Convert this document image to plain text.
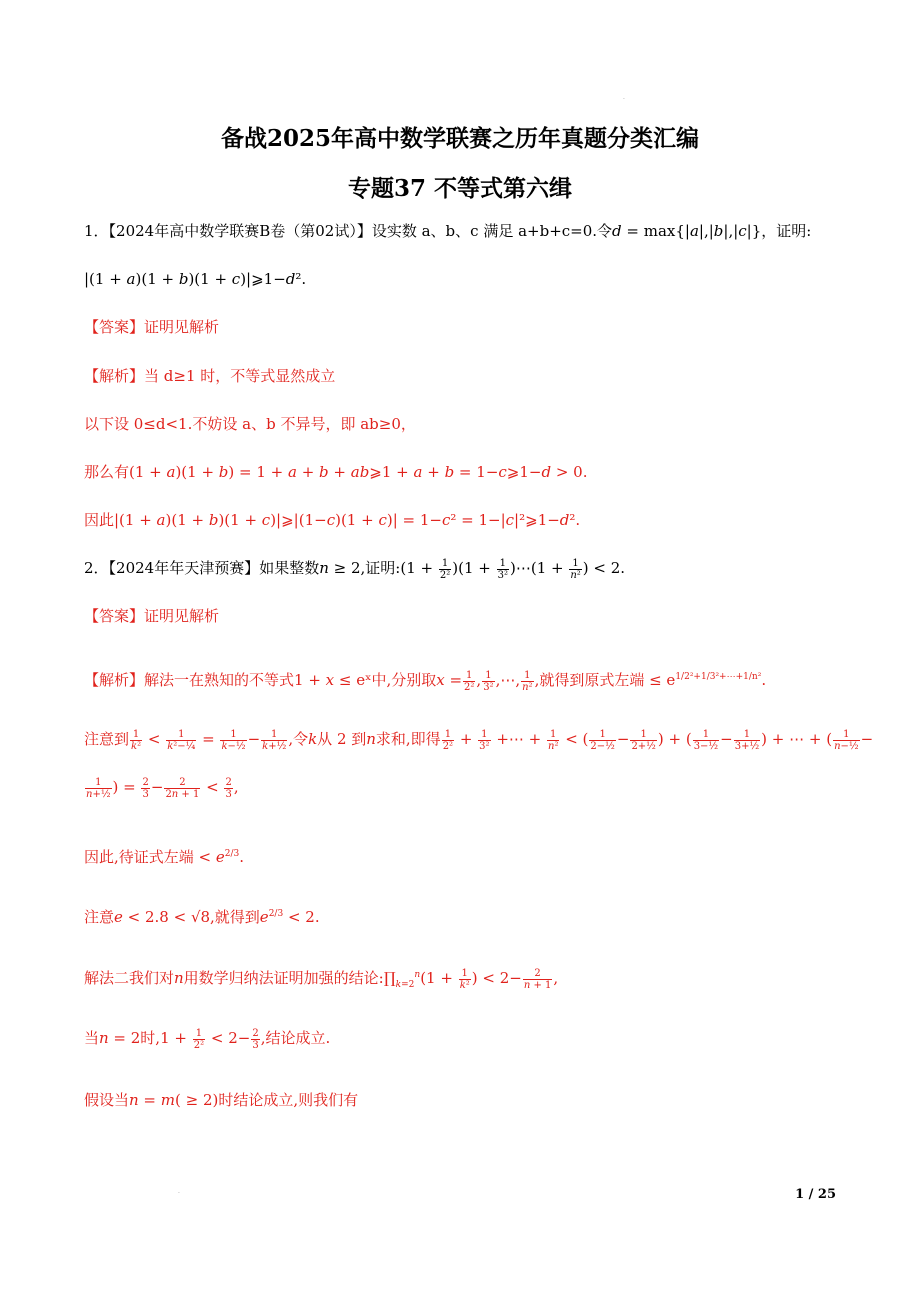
·
·
备战2025年高中数学联赛之历年真题分类汇编
专题37 不等式第六缉
1．【2024年高中数学联赛B卷（第02试）】设实数 a、b、c 满足 a+b+c=0.令𝑑 = max{|𝑎|,|𝑏|,|𝑐|}，证明:
|(1 + 𝑎)(1 + 𝑏)(1 + 𝑐)|⩾1−𝑑².
【答案】证明见解析
【解析】当 d≥1 时，不等式显然成立
以下设 0≤d<1.不妨设 a、b 不异号，即 ab≥0，
那么有(1 + 𝑎)(1 + 𝑏) = 1 + 𝑎 + 𝑏 + 𝑎𝑏⩾1 + 𝑎 + 𝑏 = 1−𝑐⩾1−𝑑 > 0.
因此|(1 + 𝑎)(1 + 𝑏)(1 + 𝑐)|⩾|(1−𝑐)(1 + 𝑐)| = 1−𝑐² = 1−|𝑐|²⩾1−𝑑².
2．【2024年年天津预赛】如果整数𝑛 ≥ 2,证明:(1 + $\frac{1}{\text{2²}} )(1 + \frac{1}{\text{3²}}$ )⋯(1 + $\frac{1}{\text{𝑛²}}$ ) < 2.
【答案】证明见解析
【解析】解法一在熟知的不等式1 + 𝑥 ≤ eˣ中,分别取𝑥 = $\frac{1}{\text{2²}}$ , $\frac{1}{\text{3²}}$ ,⋯, $\frac{1}{\text{𝑛²}}$ ,就得到原式左端 ≤ $e^{1/2^2+1/3^2+\cdots+1/n^2}$.
注意到 $\frac{1}{\text{𝑘²}} < \frac{1}{\text{𝑘²−¼}} = \frac{1}{\text{𝑘−½}} - \frac{1}{\text{𝑘+½}}$ ,令𝑘从 2 到𝑛求和,即得 $\frac{1}{\text{2²}} + \frac{1}{\text{3²}}$ +⋯ + $\frac{1}{\text{𝑛²}}$ < ( $\frac{1}{\text{2−½}} - \frac{1}{\text{2+½}}$ ) + ( $\frac{1}{\text{3−½}} - \frac{1}{\text{3+½}}$ ) + ⋯ + ( $\frac{1}{\text{𝑛−½}}$ −
$\frac{1}{\text{𝑛+½}}$ ) = $\frac{2}{3} - \frac{2}{\text{2𝑛 + 1}} < \frac{2}{3}$ ,
因此,待证式左端 < 𝑒$^{2/3}$.
注意𝑒 < 2.8 < √8,就得到𝑒$^{2/3}$ < 2.
解法二我们对𝑛用数学归纳法证明加强的结论$:\prod_{𝑘=2}^𝑛(1 + \frac{1}{\text{𝑘²}}$ ) < $2- \frac{2}{\text{𝑛 + 1}}$ ,
当𝑛 = 2时$,1 + \frac{1}{\text{2²}} < 2- \frac{2}{3}$ ,结论成立.
假设当𝑛 = 𝑚( ≥ 2)时结论成立,则我们有
1 / 25
